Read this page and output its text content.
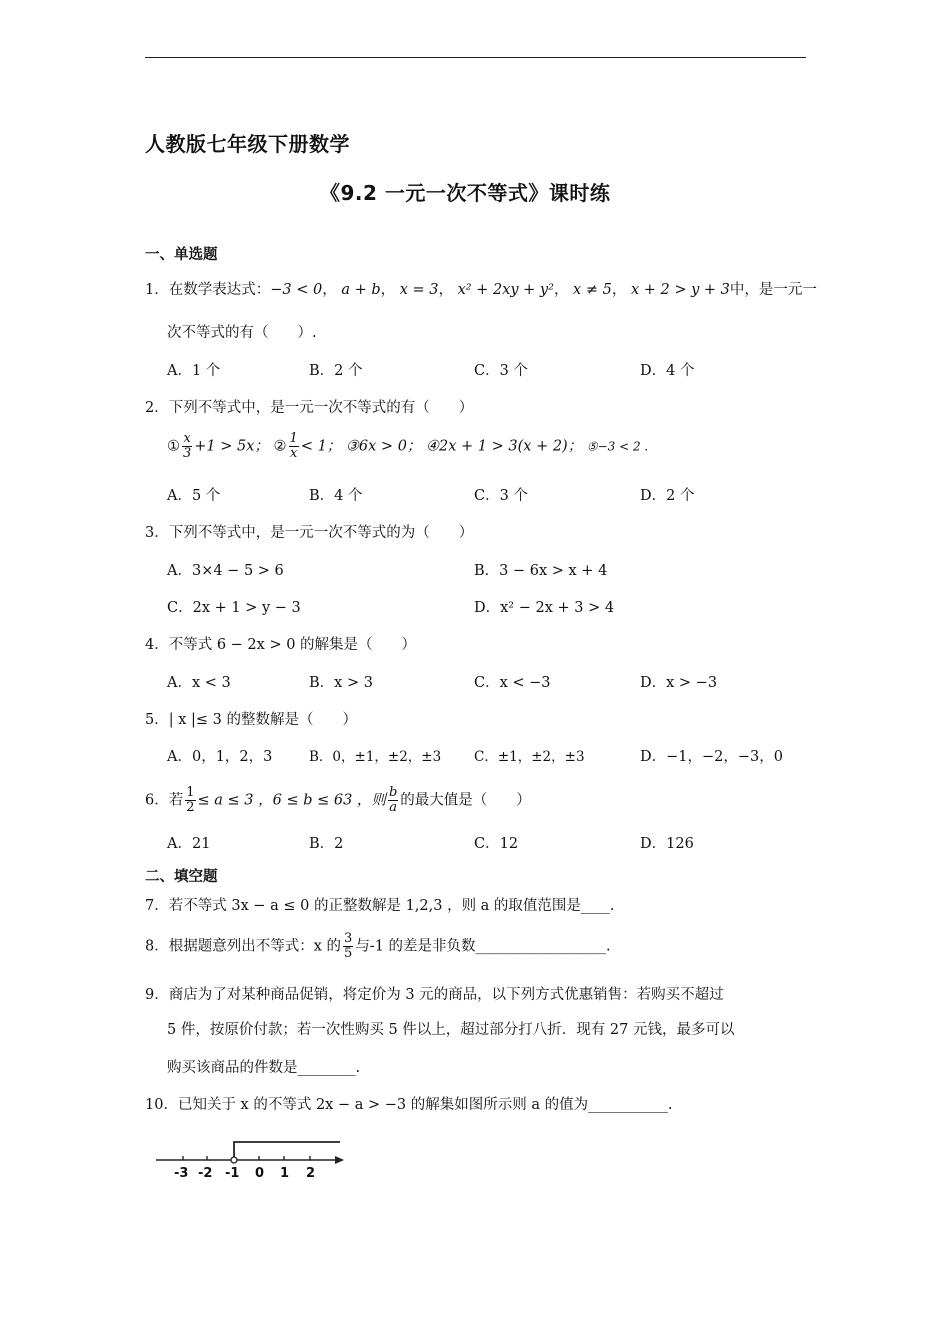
人教版七年级下册数学
《9.2 一元一次不等式》课时练
一、单选题
1．在数学表达式：−3 < 0， a + b， x = 3， x² + 2xy + y²， x ≠ 5， x + 2 > y + 3中，是一元一
次不等式的有（　　）.
A．1 个	B．2 个	C．3 个	D．4 个
2．下列不等式中，是一元一次不等式的有（　　）
① $\frac{x}{3} +1 > 5x$； ② $\frac{1}{x} < 1$； ③6x > 0； ④2x + 1 > 3(x + 2)； ⑤−3 < 2 .
A．5 个	B．4 个	C．3 个	D．2 个
3．下列不等式中，是一元一次不等式的为（　　）
A．3×4 − 5 > 6	B．3 − 6x > x + 4
C．2x + 1 > y − 3	D．x² − 2x + 3 > 4
4．不等式 6 − 2x > 0 的解集是（　　）
A．x < 3	B．x > 3	C．x < −3	D．x > −3
5．| x |≤ 3 的整数解是（　　）
A．0，1，2，3	B．0，±1，±2，±3 C．±1，±2，±3	D．−1，−2，−3，0
6．若 $\frac{1}{2} \le a \le 3$ ，6 ≤ b ≤ 63 ，则 $\frac{b}{a}$ 的最大值是（　　）
A．21	B．2	C．12	D．126
二、填空题
7．若不等式 3x − a ≤ 0 的正整数解是 1,2,3 ，则 a 的取值范围是____.
8．根据题意列出不等式：x 的 $\frac{3}{5}$ 与-1 的差是非负数__________________.
9．商店为了对某种商品促销，将定价为 3 元的商品，以下列方式优惠销售：若购买不超过
5 件，按原价付款；若一次性购买 5 件以上，超过部分打八折．现有 27 元钱，最多可以
购买该商品的件数是________.
10．已知关于 x 的不等式 2x − a > −3 的解集如图所示则 a 的值为___________.
-3 -2 -1 0 1 2
